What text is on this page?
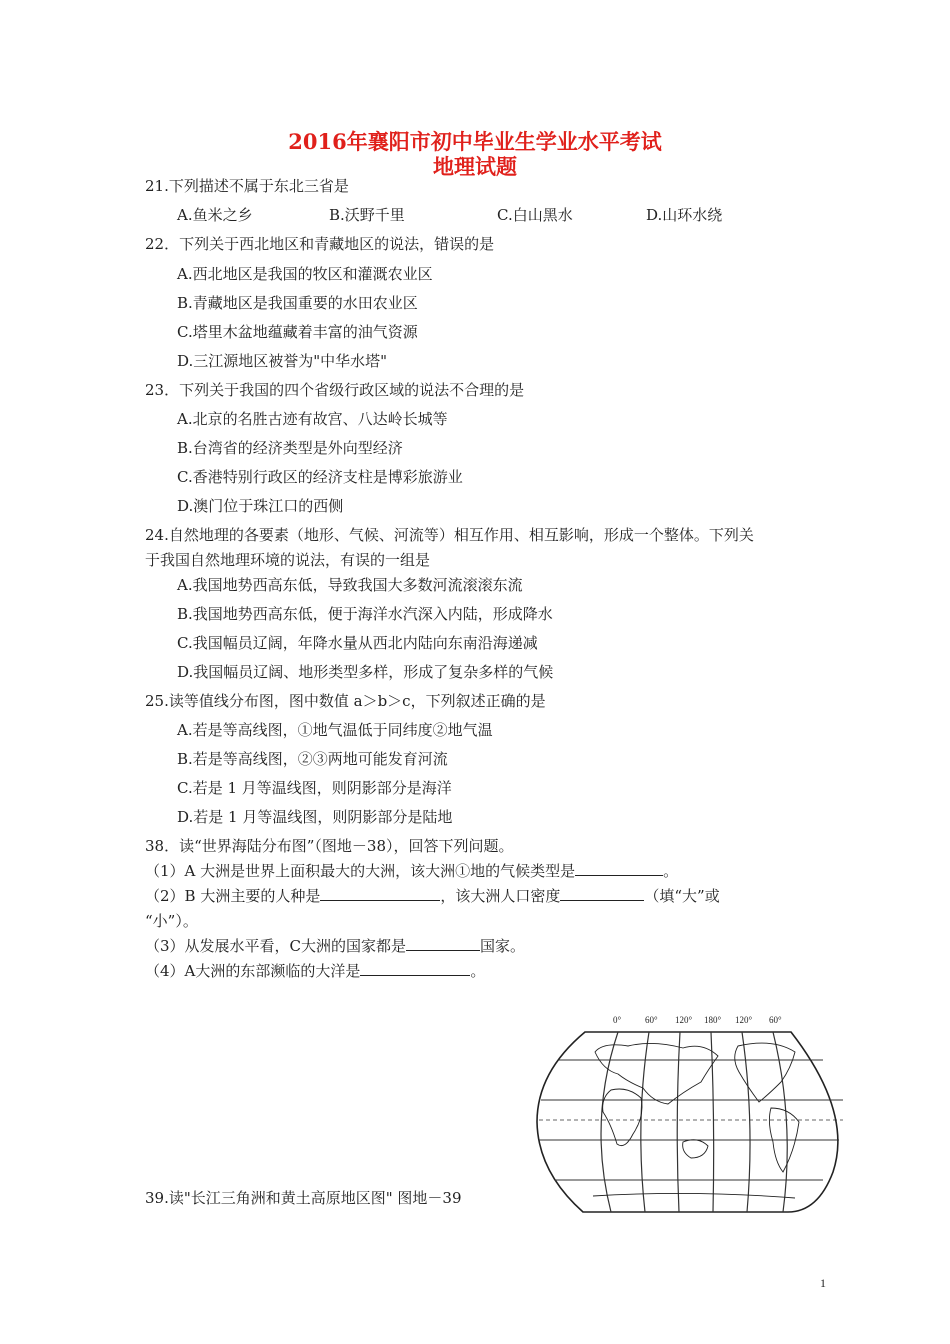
2016年襄阳市初中毕业生学业水平考试
地理试题
21.下列描述不属于东北三省是
A.鱼米之乡	B.沃野千里	C.白山黑水	D.山环水绕
22．下列关于西北地区和青藏地区的说法，错误的是
A.西北地区是我国的牧区和灌溉农业区
B.青藏地区是我国重要的水田农业区
C.塔里木盆地蕴藏着丰富的油气资源
D.三江源地区被誉为"中华水塔"
23．下列关于我国的四个省级行政区域的说法不合理的是
A.北京的名胜古迹有故宫、八达岭长城等
B.台湾省的经济类型是外向型经济
C.香港特别行政区的经济支柱是博彩旅游业
D.澳门位于珠江口的西侧
24.自然地理的各要素（地形、气候、河流等）相互作用、相互影响，形成一个整体。下列关
于我国自然地理环境的说法，有误的一组是
A.我国地势西高东低，导致我国大多数河流滚滚东流
B.我国地势西高东低，便于海洋水汽深入内陆，形成降水
C.我国幅员辽阔，年降水量从西北内陆向东南沿海递减
D.我国幅员辽阔、地形类型多样，形成了复杂多样的气候
25.读等值线分布图，图中数值 a＞b＞c，下列叙述正确的是
A.若是等高线图，①地气温低于同纬度②地气温
B.若是等高线图，②③两地可能发育河流
C.若是 1 月等温线图，则阴影部分是海洋
D.若是 1 月等温线图，则阴影部分是陆地
38．读“世界海陆分布图”（图地－38），回答下列问题。
（1）A 大洲是世界上面积最大的大洲，该大洲①地的气候类型是	。
（2）B 大洲主要的人种是	，该大洲人口密度	（填“大”或
“小”）。
（3）从发展水平看，C大洲的国家都是	国家。
（4）A大洲的东部濒临的大洋是	。
0°	60° 120° 180° 120° 60°
39.读"长江三角洲和黄土高原地区图" 图地－39
1
